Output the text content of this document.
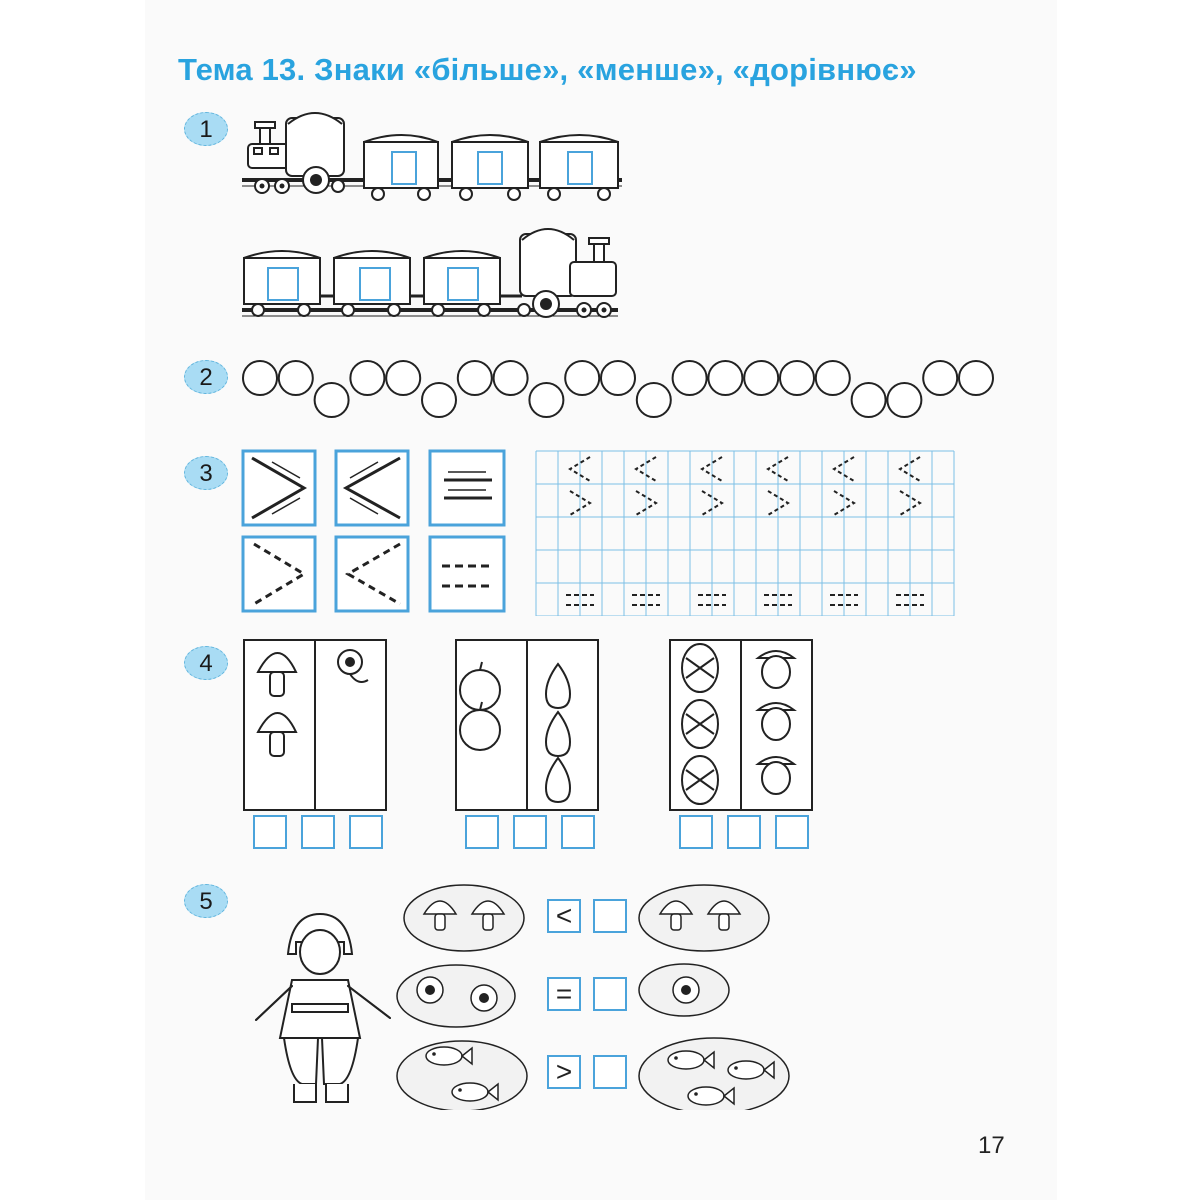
Тема 13. Знаки «більше», «менше», «дорівнює»
1
2
3
4
5	<
=
>
17
